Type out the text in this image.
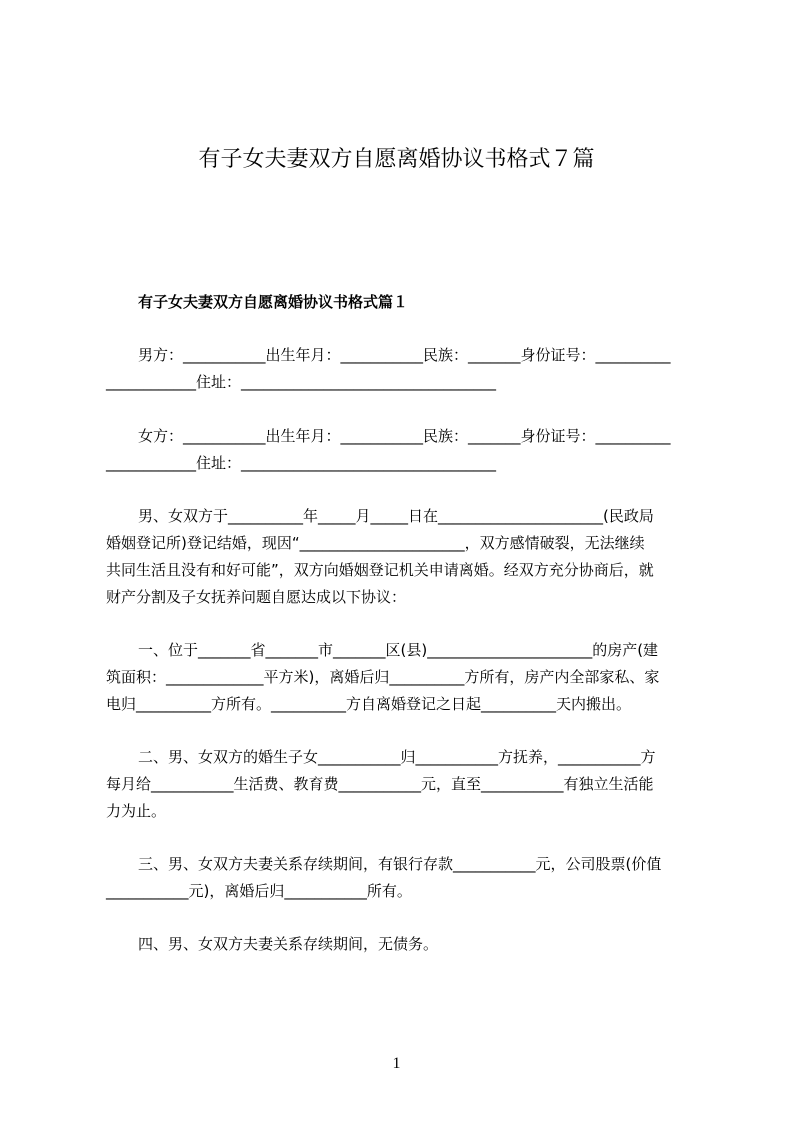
有子女夫妻双方自愿离婚协议书格式７篇
有子女夫妻双方自愿离婚协议书格式篇１
男方：___________出生年月：___________民族：_______身份证号：__________
____________住址：__________________________________
女方：___________出生年月：___________民族：_______身份证号：__________
____________住址：__________________________________
男、女双方于__________年_____月_____日在______________________(民政局
婚姻登记所)登记结婚，现因“______________________，双方感情破裂，无法继续
共同生活且没有和好可能”，双方向婚姻登记机关申请离婚。经双方充分协商后，就
财产分割及子女抚养问题自愿达成以下协议：
一、位于_______省_______市_______区(县)______________________的房产(建
筑面积：_____________平方米)，离婚后归__________方所有，房产内全部家私、家
电归__________方所有。__________方自离婚登记之日起__________天内搬出。
二、男、女双方的婚生子女___________归___________方抚养，___________方
每月给___________生活费、教育费___________元，直至___________有独立生活能
力为止。
三、男、女双方夫妻关系存续期间，有银行存款___________元，公司股票(价值
___________元)，离婚后归___________所有。
四、男、女双方夫妻关系存续期间，无债务。
1
